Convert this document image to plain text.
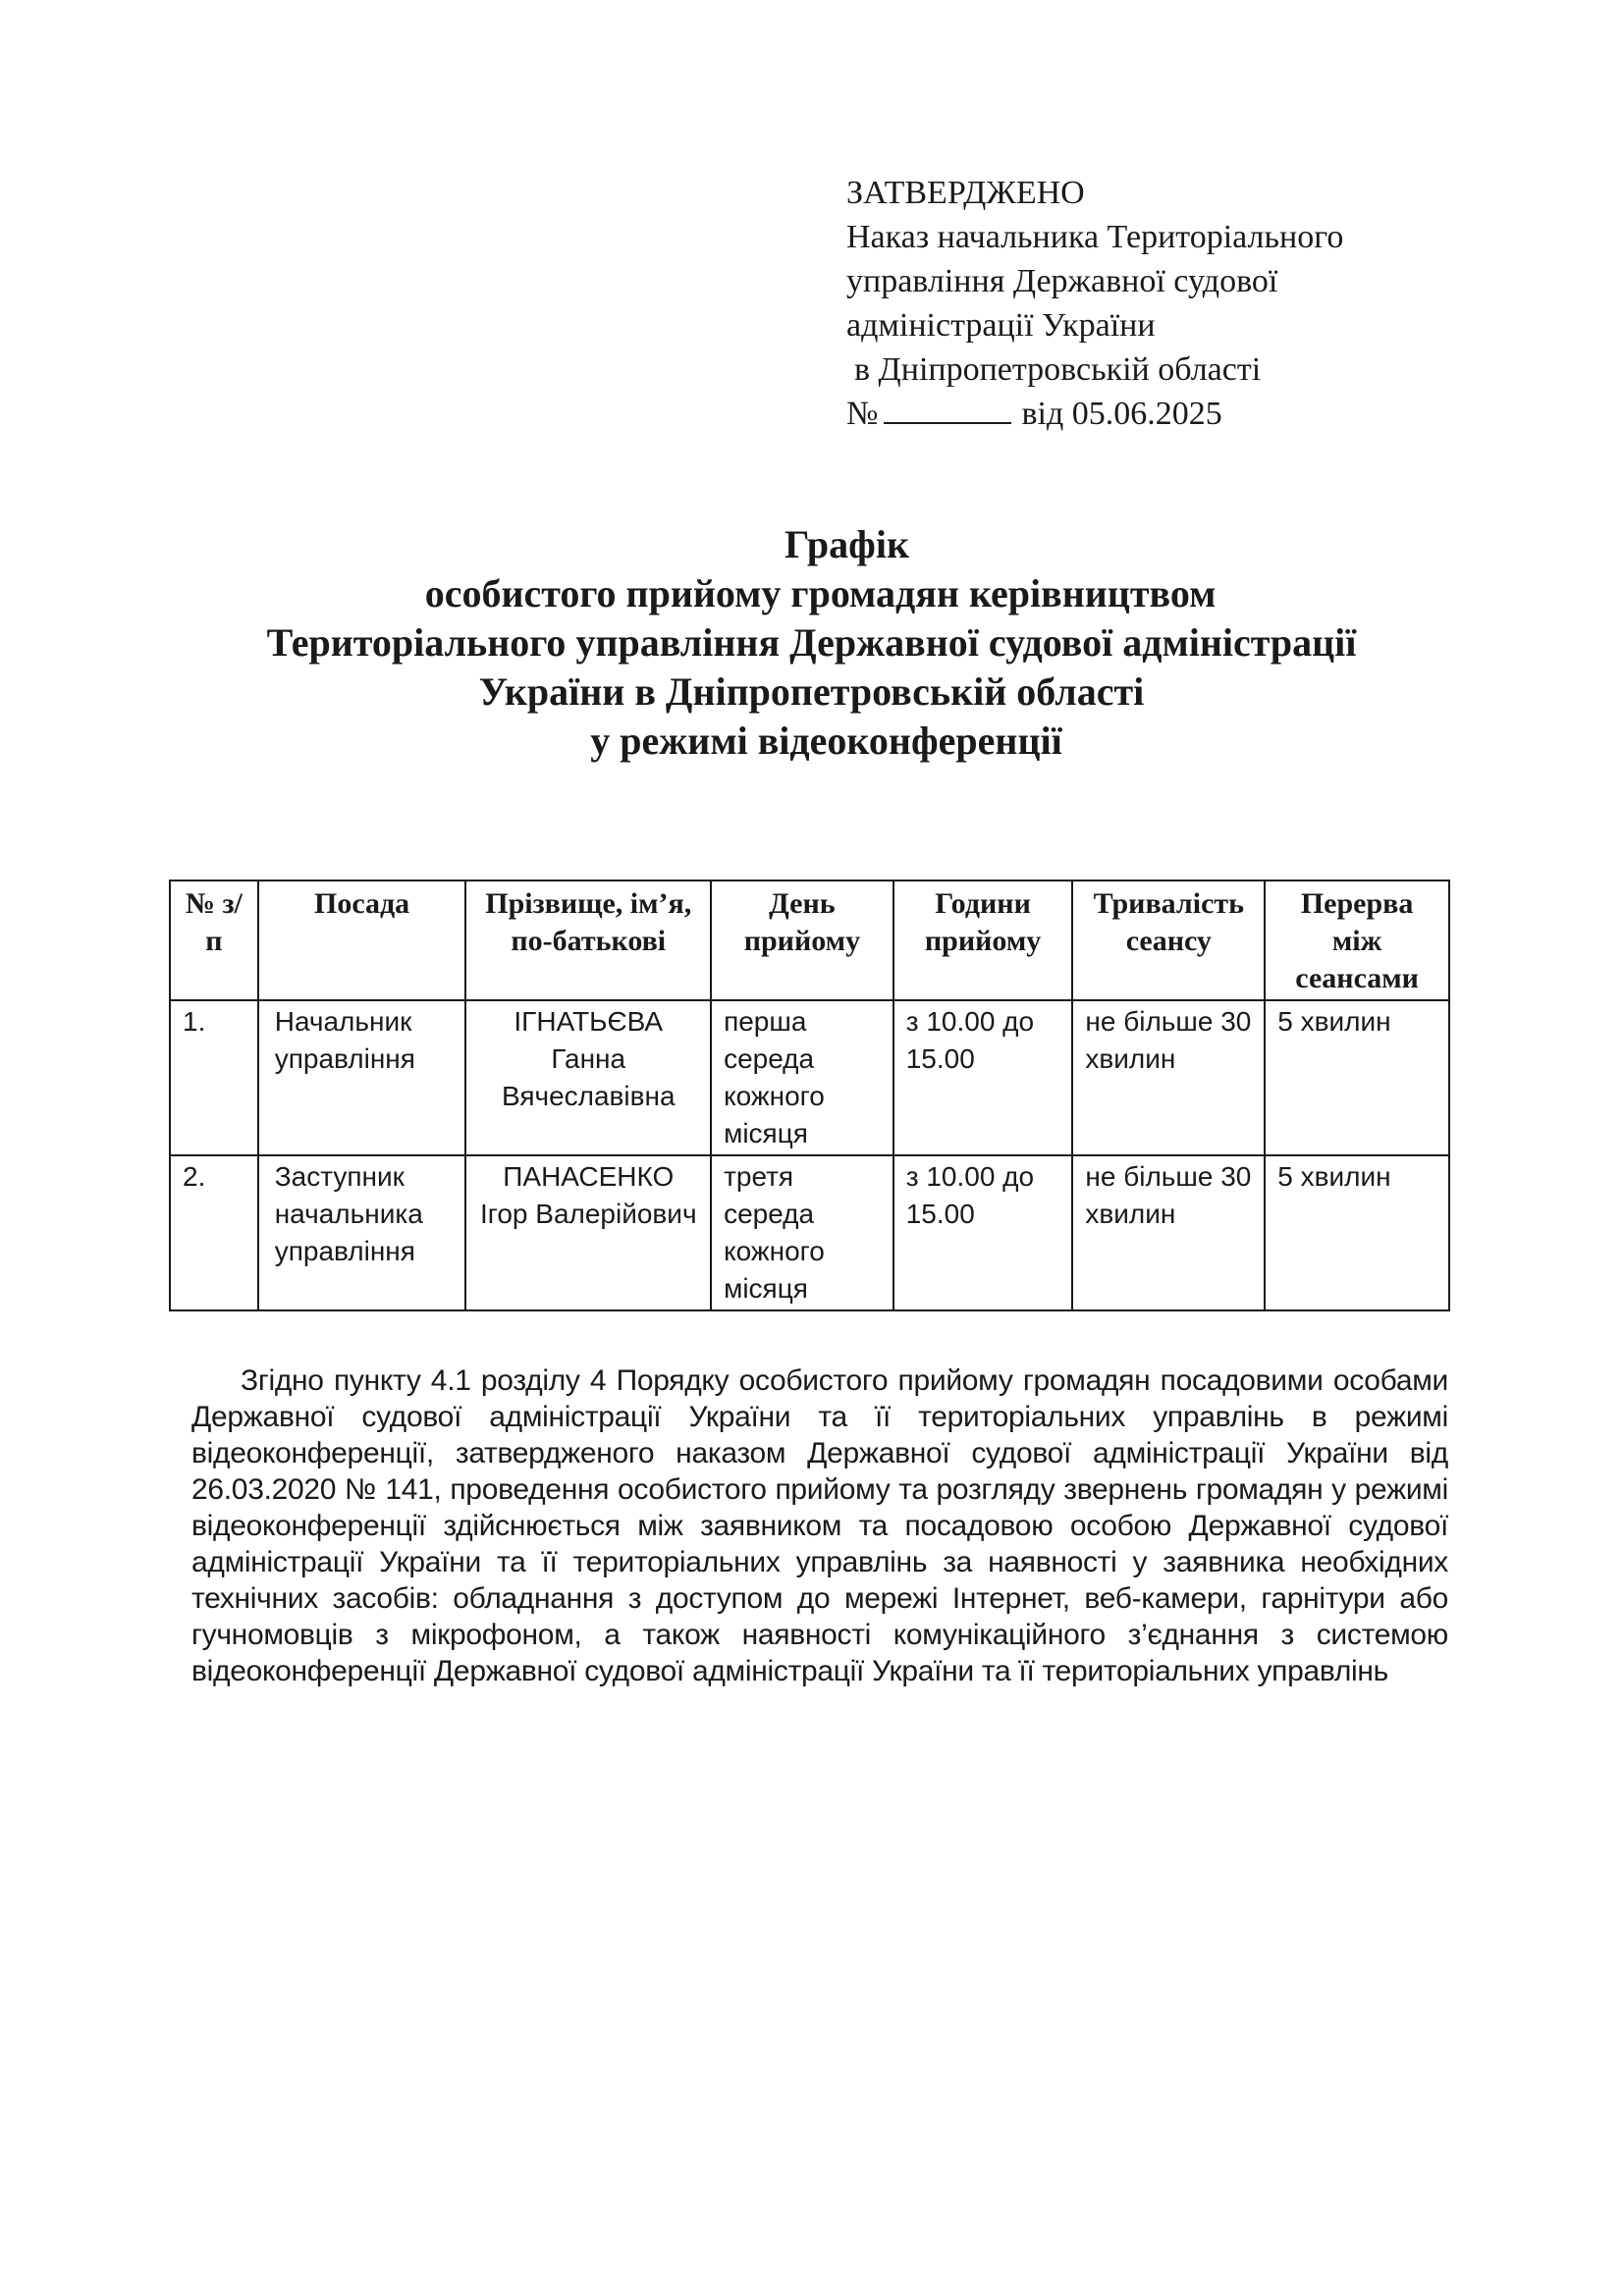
ЗАТВЕРДЖЕНО
Наказ начальника Територіального
управління Державної судової
адміністрації України
в Дніпропетровській області
№	від 05.06.2025
Графік
особистого прийому громадян керівництвом
Територіального управління Державної судової адміністрації
України в Дніпропетровській області
у режимі відеоконференції
№ з/п	Посада	Прізвище, ім’я, по-батькові	День прийому	Години прийому	Тривалість сеансу	Перерва між сеансами
1.	Начальник управління	ІГНАТЬЄВА Ганна Вячеславівна	перша середа кожного місяця	з 10.00 до 15.00	не більше 30 хвилин	5 хвилин
2.	Заступник начальника управління	ПАНАСЕНКО Ігор Валерійович	третя середа кожного місяця	з 10.00 до 15.00	не більше 30 хвилин	5 хвилин
Згідно пункту 4.1 розділу 4 Порядку особистого прийому громадян посадовими особами Державної судової адміністрації України та її територіальних управлінь в режимі відеоконференції, затвердженого наказом Державної судової адміністрації України від 26.03.2020 № 141, проведення особистого прийому та розгляду звернень громадян у режимі відеоконференції здійснюється між заявником та посадовою особою Державної судової адміністрації України та її територіальних управлінь за наявності у заявника необхідних технічних засобів: обладнання з доступом до мережі Інтернет, веб-камери, гарнітури або гучномовців з мікрофоном, а також наявності комунікаційного з’єднання з системою відеоконференції Державної судової адміністрації України та її територіальних управлінь
